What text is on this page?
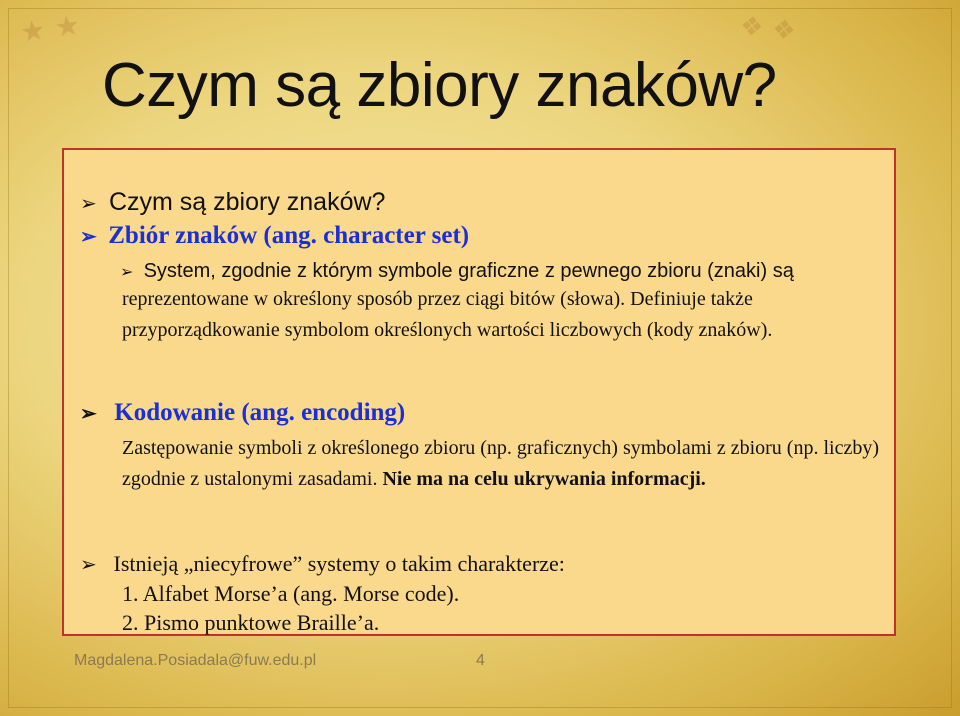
★ ★	❖ ❖
Czym są zbiory znaków?
➢ Czym są zbiory znaków?
➢ Zbiór znaków (ang. character set)
➢ System, zgodnie z którym symbole graficzne z pewnego zbioru (znaki) są
reprezentowane w określony sposób przez ciągi bitów (słowa). Definiuje także przyporządkowanie symbolom określonych wartości liczbowych (kody znaków).
➢ Kodowanie (ang. encoding)
Zastępowanie symboli z określonego zbioru (np. graficznych) symbolami z zbioru (np. liczby) zgodnie z ustalonymi zasadami. Nie ma na celu ukrywania informacji.
➢ Istnieją „niecyfrowe” systemy o takim charakterze:
1. Alfabet Morse’a (ang. Morse code).
2. Pismo punktowe Braille’a.
Magdalena.Posiadala@fuw.edu.pl	4
